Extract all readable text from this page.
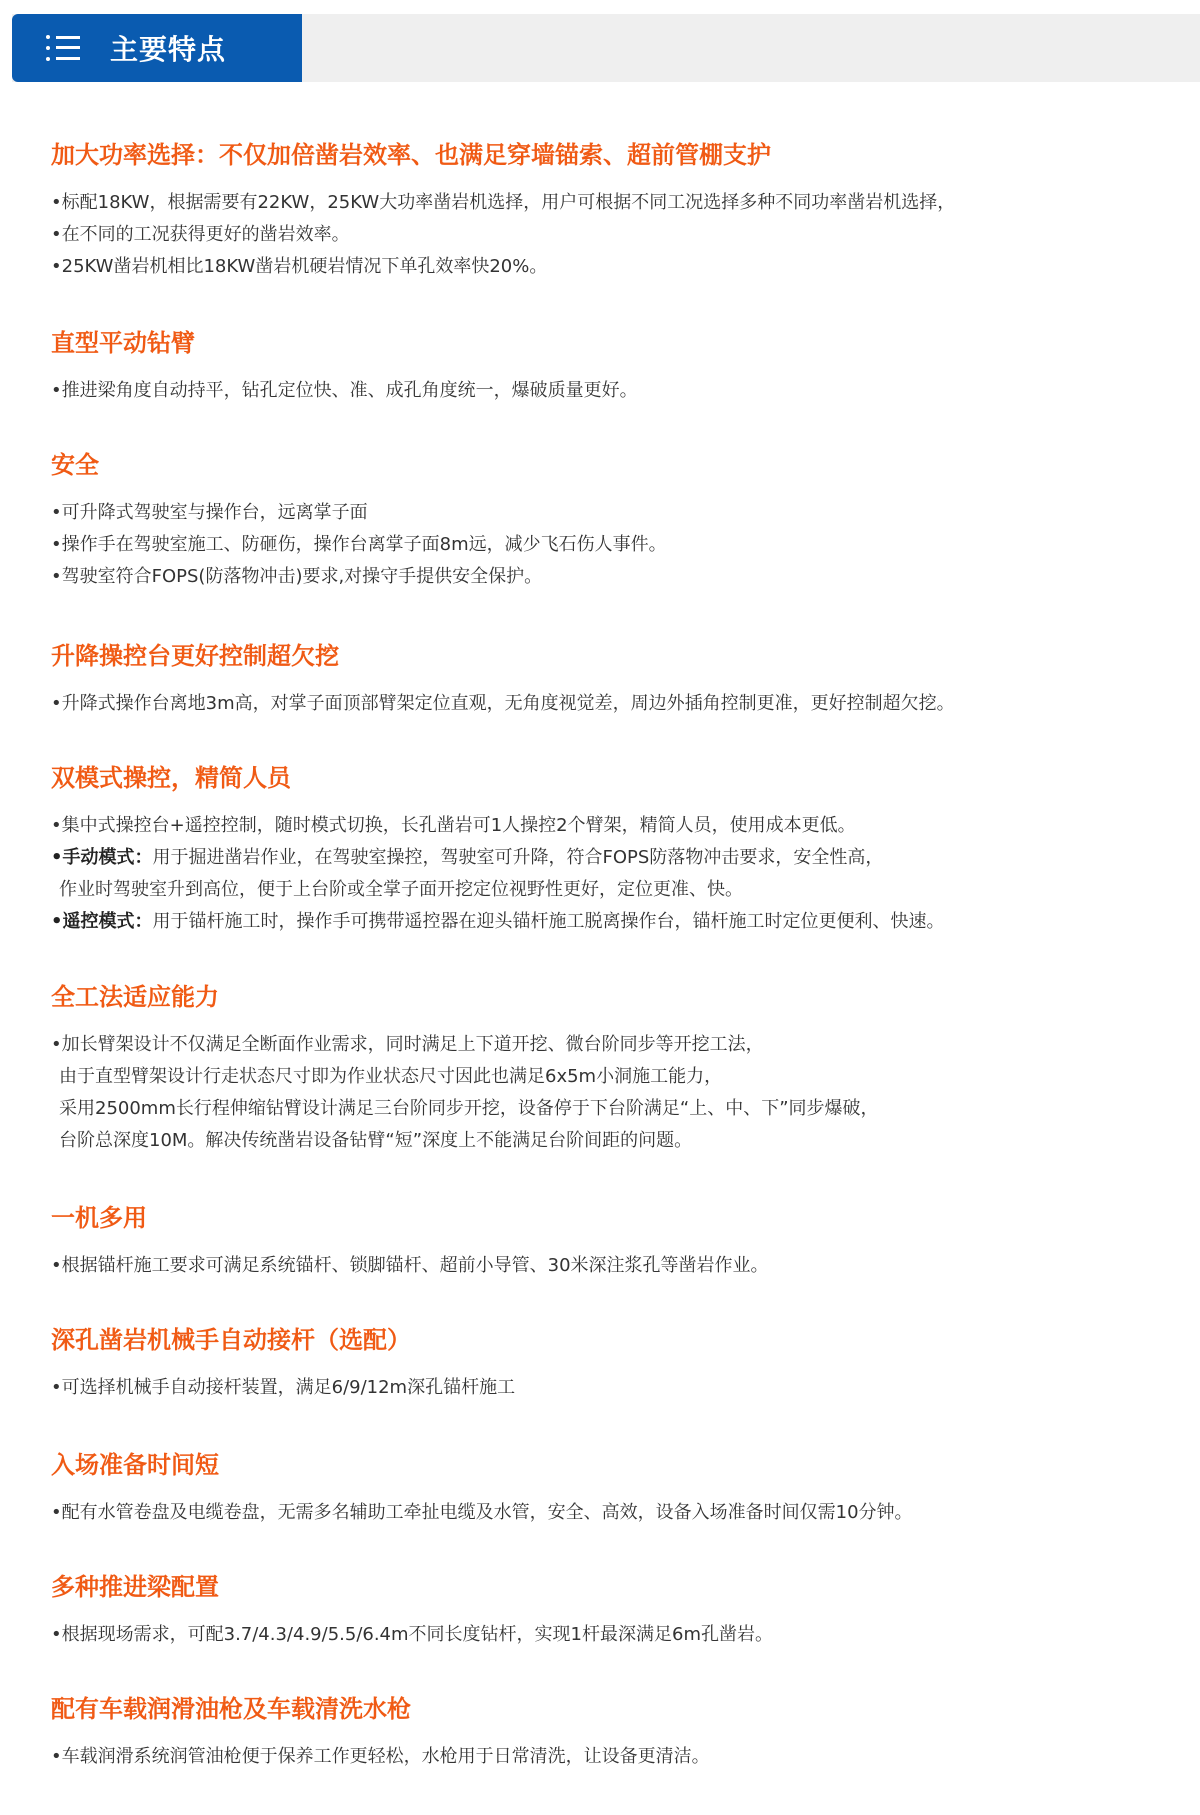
主要特点
加大功率选择：不仅加倍凿岩效率、也满足穿墙锚索、超前管棚支护
•标配18KW，根据需要有22KW，25KW大功率凿岩机选择，用户可根据不同工况选择多种不同功率凿岩机选择，
•在不同的工况获得更好的凿岩效率。
•25KW凿岩机相比18KW凿岩机硬岩情况下单孔效率快20%。
直型平动钻臂
•推进梁角度自动持平，钻孔定位快、准、成孔角度统一，爆破质量更好。
安全
•可升降式驾驶室与操作台，远离掌子面
•操作手在驾驶室施工、防砸伤，操作台离掌子面8m远，减少飞石伤人事件。
•驾驶室符合FOPS(防落物冲击)要求,对操守手提供安全保护。
升降操控台更好控制超欠挖
•升降式操作台离地3m高，对掌子面顶部臂架定位直观，无角度视觉差，周边外插角控制更准，更好控制超欠挖。
双模式操控，精简人员
•集中式操控台+遥控控制，随时模式切换，长孔凿岩可1人操控2个臂架，精简人员，使用成本更低。
•手动模式：用于掘进凿岩作业，在驾驶室操控，驾驶室可升降，符合FOPS防落物冲击要求，安全性高，
作业时驾驶室升到高位，便于上台阶或全掌子面开挖定位视野性更好，定位更准、快。
•遥控模式：用于锚杆施工时，操作手可携带遥控器在迎头锚杆施工脱离操作台，锚杆施工时定位更便利、快速。
全工法适应能力
•加长臂架设计不仅满足全断面作业需求，同时满足上下道开挖、微台阶同步等开挖工法，
由于直型臂架设计行走状态尺寸即为作业状态尺寸因此也满足6x5m小洞施工能力，
采用2500mm长行程伸缩钻臂设计满足三台阶同步开挖，设备停于下台阶满足“上、中、下”同步爆破，
台阶总深度10M。解决传统凿岩设备钻臂“短”深度上不能满足台阶间距的问题。
一机多用
•根据锚杆施工要求可满足系统锚杆、锁脚锚杆、超前小导管、30米深注浆孔等凿岩作业。
深孔凿岩机械手自动接杆（选配）
•可选择机械手自动接杆装置，满足6/9/12m深孔锚杆施工
入场准备时间短
•配有水管卷盘及电缆卷盘，无需多名辅助工牵扯电缆及水管，安全、高效，设备入场准备时间仅需10分钟。
多种推进梁配置
•根据现场需求，可配3.7/4.3/4.9/5.5/6.4m不同长度钻杆，实现1杆最深满足6m孔凿岩。
配有车载润滑油枪及车载清洗水枪
•车载润滑系统润管油枪便于保养工作更轻松，水枪用于日常清洗，让设备更清洁。
